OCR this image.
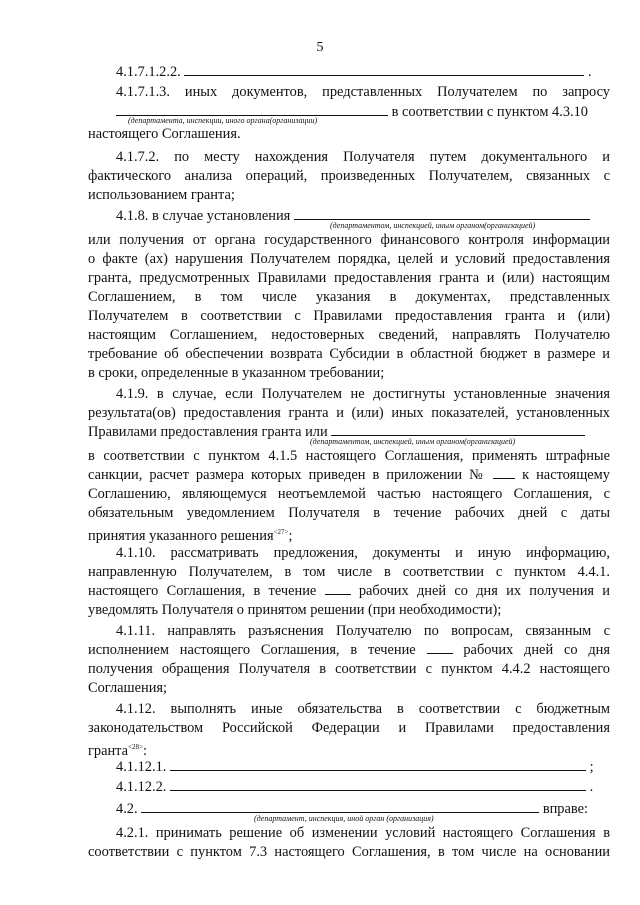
5
4.1.7.1.2.2.	.
4.1.7.1.3. иных документов, представленных Получателем по запросу
в соответствии с пунктом 4.3.10
(департамента, инспекции, иного органа(организации)
настоящего Соглашения.
4.1.7.2. по месту нахождения Получателя путем документального и
фактического анализа операций, произведенных Получателем, связанных с
использованием гранта;
4.1.8. в случае установления
(департаментом, инспекцией, иным органом(организацией)
или получения от органа государственного финансового контроля информации
о факте (ах) нарушения Получателем порядка, целей и условий предоставления
гранта, предусмотренных Правилами предоставления гранта и (или) настоящим
Соглашением, в том числе указания в документах, представленных
Получателем в соответствии с Правилами предоставления гранта и (или)
настоящим Соглашением, недостоверных сведений, направлять Получателю
требование об обеспечении возврата Субсидии в областной бюджет в размере и
в сроки, определенные в указанном требовании;
4.1.9. в случае, если Получателем не достигнуты установленные значения
результата(ов) предоставления гранта и (или) иных показателей, установленных
Правилами предоставления гранта или
(департаментом, инспекцией, иным органом(организацией)
в соответствии с пунктом 4.1.5 настоящего Соглашения, применять штрафные
санкции, расчет размера которых приведен в приложении № к настоящему
Соглашению, являющемуся неотъемлемой частью настоящего Соглашения, с
обязательным уведомлением Получателя в течение рабочих дней с даты
принятия указанного решения$^{<27>}$;
4.1.10. рассматривать предложения, документы и иную информацию,
направленную Получателем, в том числе в соответствии с пунктом 4.4.1.
настоящего Соглашения, в течение	рабочих дней со дня их получения и
уведомлять Получателя о принятом решении (при необходимости);
4.1.11. направлять разъяснения Получателю по вопросам, связанным с
исполнением настоящего Соглашения, в течение	рабочих дней со дня
получения обращения Получателя в соответствии с пунктом 4.4.2 настоящего
Соглашения;
4.1.12. выполнять иные обязательства в соответствии с бюджетным
законодательством Российской Федерации и Правилами предоставления
гранта$^{<28>}$:
4.1.12.1.	;
4.1.12.2.	.
4.2.	вправе:
(департамент, инспекция, иной орган (организация)
4.2.1. принимать решение об изменении условий настоящего Соглашения в
соответствии с пунктом 7.3 настоящего Соглашения, в том числе на основании
